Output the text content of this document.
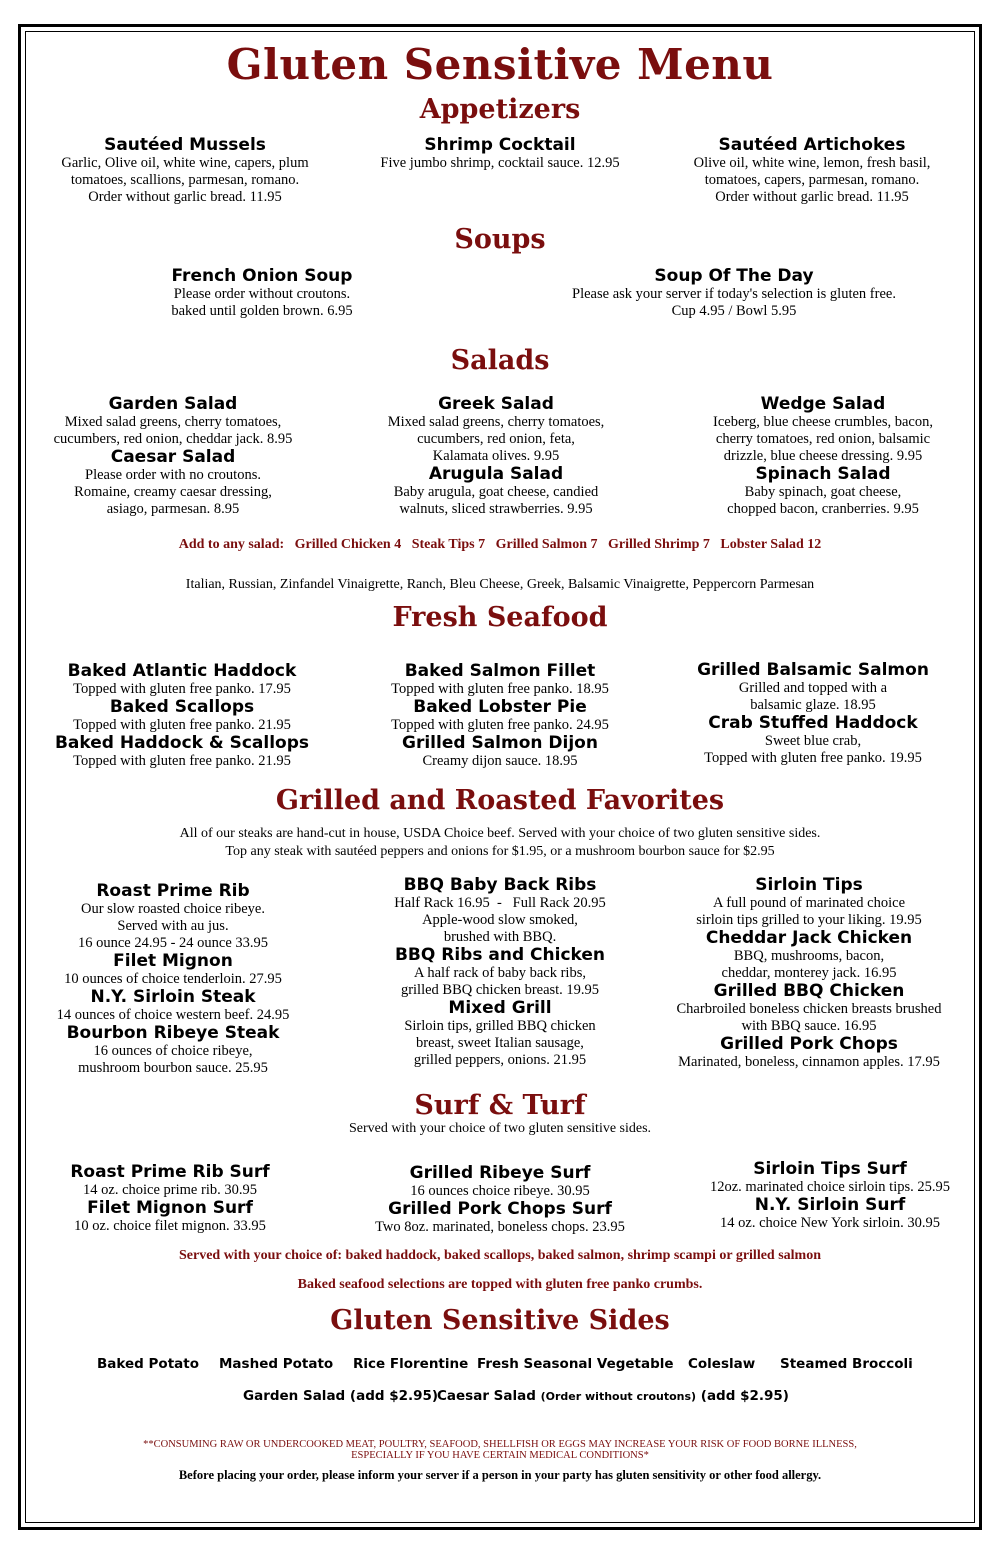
Gluten Sensitive Menu
Appetizers
Sautéed Mussels
Garlic, Olive oil, white wine, capers, plum
tomatoes, scallions, parmesan, romano.
Order without garlic bread. 11.95
Shrimp Cocktail
Five jumbo shrimp, cocktail sauce. 12.95
Sautéed Artichokes
Olive oil, white wine, lemon, fresh basil,
tomatoes, capers, parmesan, romano.
Order without garlic bread. 11.95
Soups
French Onion Soup
Please order without croutons.
baked until golden brown. 6.95
Soup Of The Day
Please ask your server if today's selection is gluten free.
Cup 4.95 / Bowl 5.95
Salads
Garden Salad
Mixed salad greens, cherry tomatoes,
cucumbers, red onion, cheddar jack. 8.95
Caesar Salad
Please order with no croutons.
Romaine, creamy caesar dressing,
asiago, parmesan. 8.95
Greek Salad
Mixed salad greens, cherry tomatoes,
cucumbers, red onion, feta,
Kalamata olives. 9.95
Arugula Salad
Baby arugula, goat cheese, candied
walnuts, sliced strawberries. 9.95
Wedge Salad
Iceberg, blue cheese crumbles, bacon,
cherry tomatoes, red onion, balsamic
drizzle, blue cheese dressing. 9.95
Spinach Salad
Baby spinach, goat cheese,
chopped bacon, cranberries. 9.95
Add to any salad:   Grilled Chicken 4   Steak Tips 7   Grilled Salmon 7   Grilled Shrimp 7   Lobster Salad 12
Italian, Russian, Zinfandel Vinaigrette, Ranch, Bleu Cheese, Greek, Balsamic Vinaigrette, Peppercorn Parmesan
Fresh Seafood
Baked Atlantic Haddock
Topped with gluten free panko. 17.95
Baked Scallops
Topped with gluten free panko. 21.95
Baked Haddock & Scallops
Topped with gluten free panko. 21.95
Baked Salmon Fillet
Topped with gluten free panko. 18.95
Baked Lobster Pie
Topped with gluten free panko. 24.95
Grilled Salmon Dijon
Creamy dijon sauce. 18.95
Grilled Balsamic Salmon
Grilled and topped with a
balsamic glaze. 18.95
Crab Stuffed Haddock
Sweet blue crab,
Topped with gluten free panko. 19.95
Grilled and Roasted Favorites
All of our steaks are hand-cut in house, USDA Choice beef. Served with your choice of two gluten sensitive sides.
Top any steak with sautéed peppers and onions for $1.95, or a mushroom bourbon sauce for $2.95
Roast Prime Rib
Our slow roasted choice ribeye.
Served with au jus.
16 ounce 24.95 - 24 ounce 33.95
Filet Mignon
10 ounces of choice tenderloin. 27.95
N.Y. Sirloin Steak
14 ounces of choice western beef. 24.95
Bourbon Ribeye Steak
16 ounces of choice ribeye,
mushroom bourbon sauce. 25.95
BBQ Baby Back Ribs
Half Rack 16.95  -   Full Rack 20.95
Apple-wood slow smoked,
brushed with BBQ.
BBQ Ribs and Chicken
A half rack of baby back ribs,
grilled BBQ chicken breast. 19.95
Mixed Grill
Sirloin tips, grilled BBQ chicken
breast, sweet Italian sausage,
grilled peppers, onions. 21.95
Sirloin Tips
A full pound of marinated choice
sirloin tips grilled to your liking. 19.95
Cheddar Jack Chicken
BBQ, mushrooms, bacon,
cheddar, monterey jack. 16.95
Grilled BBQ Chicken
Charbroiled boneless chicken breasts brushed
with BBQ sauce. 16.95
Grilled Pork Chops
Marinated, boneless, cinnamon apples. 17.95
Surf & Turf
Served with your choice of two gluten sensitive sides.
Roast Prime Rib Surf
14 oz. choice prime rib. 30.95
Filet Mignon Surf
10 oz. choice filet mignon. 33.95
Grilled Ribeye Surf
16 ounces choice ribeye. 30.95
Grilled Pork Chops Surf
Two 8oz. marinated, boneless chops. 23.95
Sirloin Tips Surf
12oz. marinated choice sirloin tips. 25.95
N.Y. Sirloin Surf
14 oz. choice New York sirloin. 30.95
Served with your choice of: baked haddock, baked scallops, baked salmon, shrimp scampi or grilled salmon
Baked seafood selections are topped with gluten free panko crumbs.
Gluten Sensitive Sides
Baked Potato Mashed Potato Rice Florentine Fresh Seasonal Vegetable Coleslaw Steamed Broccoli
Garden Salad (add $2.95)
Caesar Salad (Order without croutons) (add $2.95)
**CONSUMING RAW OR UNDERCOOKED MEAT, POULTRY, SEAFOOD, SHELLFISH OR EGGS MAY INCREASE YOUR RISK OF FOOD BORNE ILLNESS,
ESPECIALLY IF YOU HAVE CERTAIN MEDICAL CONDITIONS*
Before placing your order, please inform your server if a person in your party has gluten sensitivity or other food allergy.
